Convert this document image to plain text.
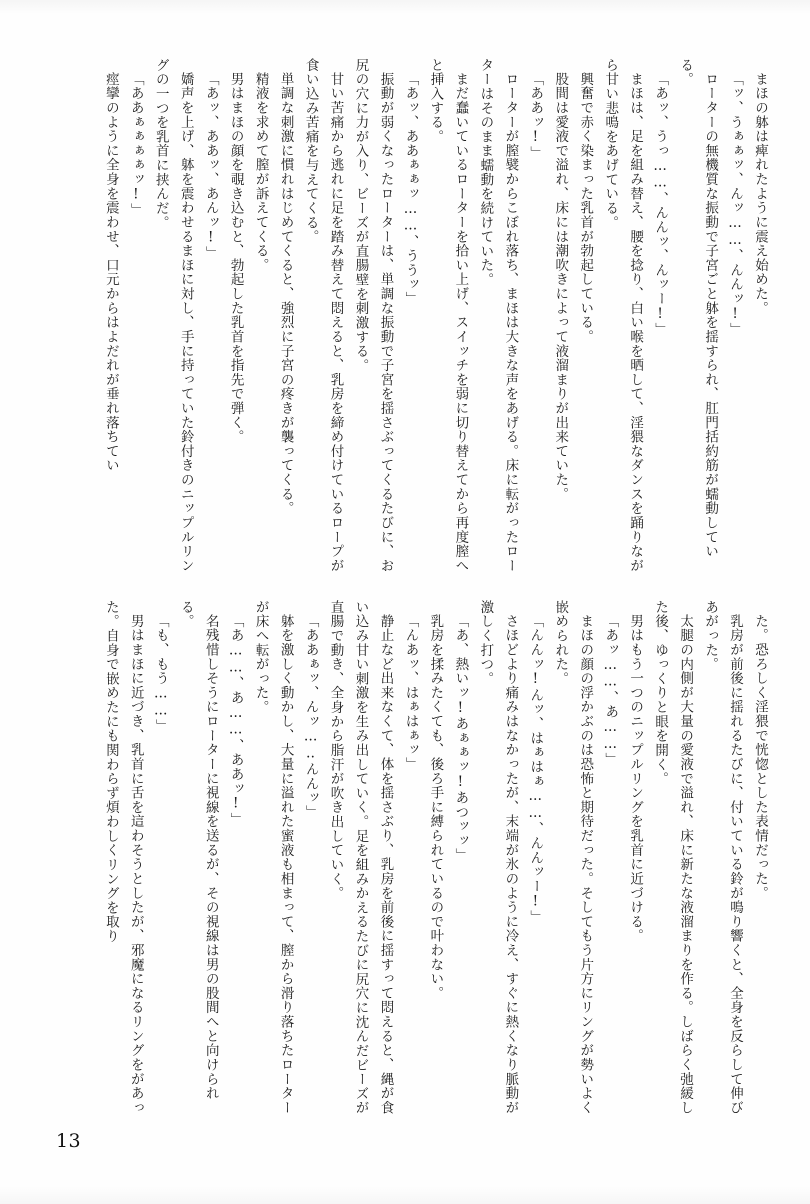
まほの躰は痺れたように震え始めた。

「ッ、うぁぁッ、んッ……、んんッ!」

ローターの無機質な振動で子宮ごと躰を揺すられ、肛門括約筋が蠕動している。

「あッ、うっ……、んんッ、んッー!」

まほは、足を組み替え、腰を捻り、白い喉を晒して、淫猥なダンスを踊りながら甘い悲鳴をあげている。

興奮で赤く染まった乳首が勃起している。

股間は愛液で溢れ、床には潮吹きによって液溜まりが出来ていた。

「ああッ!」

ローターが膣襞からこぼれ落ち、まほは大きな声をあげる。床に転がったローターはそのまま蠕動を続けていた。

まだ蠢いているローターを拾い上げ、スイッチを弱に切り替えてから再度膣へと挿入する。

「あッ、ああぁぁッ……、ううッ」

振動が弱くなったローターは、単調な振動で子宮を揺さぶってくるたびに、お尻の穴に力が入り、ビーズが直腸壁を刺激する。

甘い苦痛から逃れに足を踏み替えて悶えると、乳房を締め付けているロープが食い込み苦痛を与えてくる。

単調な刺激に慣れはじめてくると、強烈に子宮の疼きが襲ってくる。

精液を求めて膣が訴えてくる。

男はまほの顔を覗き込むと、勃起した乳首を指先で弾く。

「あッ、ああッ、あんッ!」

嬌声を上げ、躰を震わせるまほに対し、手に持っていた鈴付きのニップルリングの一つを乳首に挟んだ。

「ああぁぁぁぁッ!」

痙攣のように全身を震わせ、口元からはよだれが垂れ落ちてい

た。恐ろしく淫猥で恍惚とした表情だった。

乳房が前後に揺れるたびに、付いている鈴が鳴り響くと、全身を反らして伸びあがった。

太腿の内側が大量の愛液で溢れ、床に新たな液溜まりを作る。しばらく弛緩した後、ゆっくりと眼を開く。

男はもう一つのニップルリングを乳首に近づける。

「あッ……、あ……」

まほの顔の浮かぶのは恐怖と期待だった。そしてもう片方にリングが勢いよく嵌められた。

「んんッ!んッ、はぁはぁ……、んんッー!」

さほどより痛みはなかったが、末端が氷のように冷え、すぐに熱くなり脈動が激しく打つ。

「あ、熱いッ!あぁぁッ!あつッッ」

乳房を揉みたくても、後ろ手に縛られているので叶わない。

「んあッ、はぁはぁッ」

静止など出来なくて、体を揺さぶり、乳房を前後に揺すって悶えると、縄が食い込み甘い刺激を生み出していく。足を組みかえるたびに尻穴に沈んだビーズが直腸で動き、全身から脂汗が吹き出していく。

「ああぁッ、んッ…‥んんッ」

躰を激しく動かし、大量に溢れた蜜液も相まって、膣から滑り落ちたローターが床へ転がった。

「あ……、あ……、ああッ!」

名残惜しそうにローターに視線を送るが、その視線は男の股間へと向けられる。

「も、もう……」

男はまほに近づき、乳首に舌を這わそうとしたが、邪魔になるリングをがあった。自身で嵌めたにも関わらず煩わしくリングを取り

13
